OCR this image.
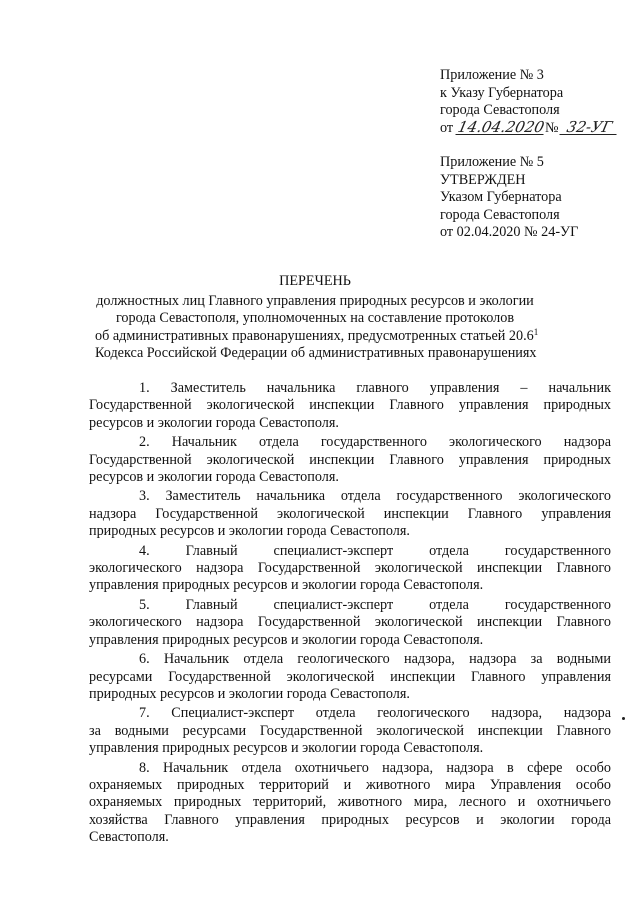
Приложение № 3
к Указу Губернатора
города Севастополя
от 14.04.2020№ 32-УГ
Приложение № 5
УТВЕРЖДЕН
Указом Губернатора
города Севастополя
от 02.04.2020 № 24-УГ
ПЕРЕЧЕНЬ
должностных лиц Главного управления природных ресурсов и экологии
города Севастополя, уполномоченных на составление протоколов
об административных правонарушениях, предусмотренных статьей 20.6$^1$
Кодекса Российской Федерации об административных правонарушениях
1. Заместитель начальника главного управления – начальник
Государственной экологической инспекции Главного управления природных
ресурсов и экологии города Севастополя.
2. Начальник отдела государственного экологического надзора
Государственной экологической инспекции Главного управления природных
ресурсов и экологии города Севастополя.
3. Заместитель начальника отдела государственного экологического
надзора Государственной экологической инспекции Главного управления
природных ресурсов и экологии города Севастополя.
4. Главный специалист-эксперт отдела государственного
экологического надзора Государственной экологической инспекции Главного
управления природных ресурсов и экологии города Севастополя.
5. Главный специалист-эксперт отдела государственного
экологического надзора Государственной экологической инспекции Главного
управления природных ресурсов и экологии города Севастополя.
6. Начальник отдела геологического надзора, надзора за водными
ресурсами Государственной экологической инспекции Главного управления
природных ресурсов и экологии города Севастополя.
7. Специалист-эксперт отдела геологического надзора, надзора
за водными ресурсами Государственной экологической инспекции Главного
управления природных ресурсов и экологии города Севастополя.
8. Начальник отдела охотничьего надзора, надзора в сфере особо
охраняемых природных территорий и животного мира Управления особо
охраняемых природных территорий, животного мира, лесного и охотничьего
хозяйства Главного управления природных ресурсов и экологии города
Севастополя.
